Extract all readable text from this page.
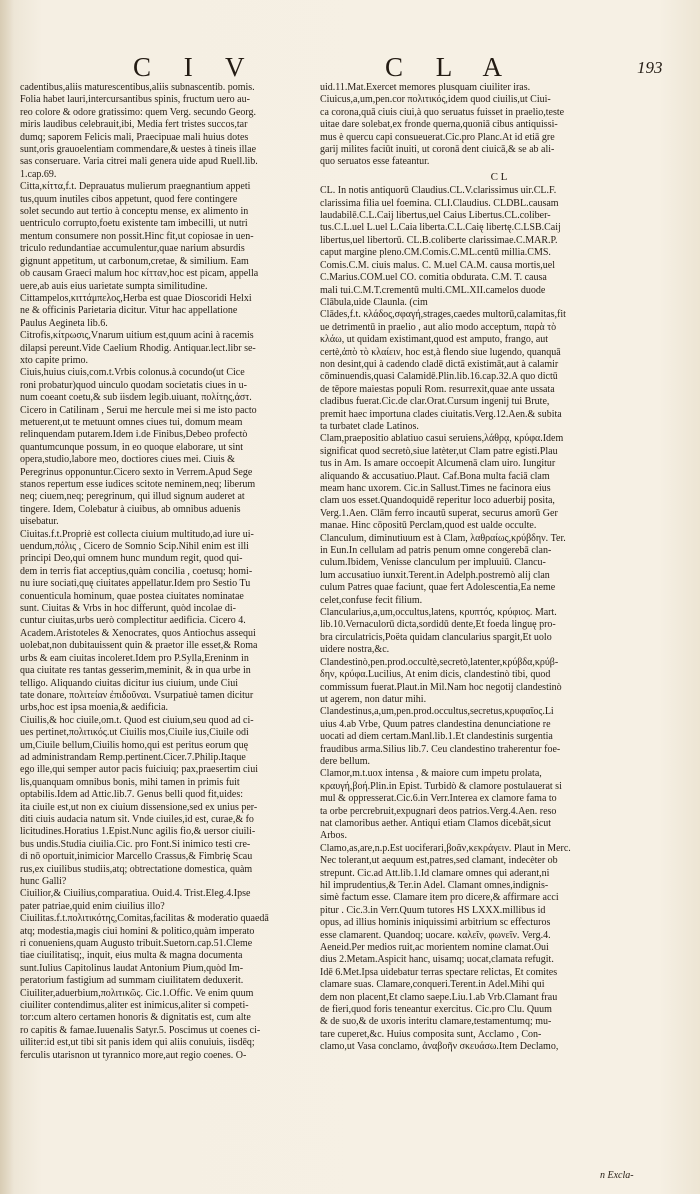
C I V	C L A	193

cadentibus,aliis maturescentibus,aliis subnascentib. pomis.

Folia habet lauri,intercursantibus spinis, fructum uero au-

reo colore & odore gratissimo: quem Verg. secundo Georg.

miris laudibus celebrauit,ibi, Media fert tristes succos,tar

dumq; saporem Felicis mali, Praecipuae mali huius dotes

sunt,oris grauoelentiam commendare,& uestes à tineis illae

sas conseruare. Varia citrei mali genera uide apud Ruell.lib.

1.cap.69.

Citta,κίττα,f.t. Deprauatus mulierum praegnantium appeti

tus,quum inutiles cibos appetunt, quod fere contingere

solet secundo aut tertio à conceptu mense, ex alimento in

uentriculo corrupto,foetu existente tam imbecilli, ut nutri

mentum consumere non possit.Hinc fit,ut copiosae in uen-

triculo redundantiae accumulentur,quae narium absurdis

gignunt appetitum, ut carbonum,cretae, & similium. Eam

ob causam Graeci malum hoc κίτταν,hoc est picam, appella

uere,ab auis eius uarietate sumpta similitudine.

Cittampelos,κιττάμπελος,Herba est quae Dioscoridi Helxi

ne & officinis Parietaria dicitur. Vitur hac appellatione

Paulus Aegineta lib.6.

Citrofis,κίτρωσις,Vnarum uitium est,quum acini à racemis

dilapsi pereunt.Vide Caelium Rhodig. Antiquar.lect.libr se-

xto capite primo.

Ciuis,huius ciuis,com.t.Vrbis colonus.à cocundo(ut Cice

roni probatur)quod uinculo quodam societatis ciues in u-

num coeant coetu,& sub iisdem legib.uiuant, πολίτης,ἀστ.

Cicero in Catilinam , Serui me hercule mei si me isto pacto

metuerent,ut te metuunt omnes ciues tui, domum meam

relinquendam putarem.Idem i.de Finibus,Debeo profectò

quantumcunque possum, in eo quoque elaborare, ut sint

opera,studio,labore meo, doctiores ciues mei. Ciuis &

Peregrinus opponuntur.Cicero sexto in Verrem.Apud Sege

stanos repertum esse iudices scitote neminem,neq; liberum

neq; ciuem,neq; peregrinum, qui illud signum auderet at

tingere. Idem, Colebatur à ciuibus, ab omnibus aduenis

uisebatur.

Ciuitas.f.t.Propriè est collecta ciuium multitudo,ad iure ui-

uendum,πόλις , Cicero de Somnio Scip.Nihil enim est illi

principi Deo,qui omnem hunc mundum regit, quod qui-

dem in terris fiat acceptius,quàm concilia , coetusq; homi-

nu iure sociati,quę ciuitates appellatur.Idem pro Sestio Tu

conuenticula hominum, quae postea ciuitates nominatae

sunt. Ciuitas & Vrbs in hoc differunt, quòd incolae di-

cuntur ciuitas,urbs uerò complectitur aedificia. Cicero 4.

Academ.Aristoteles & Xenocrates, quos Antiochus assequi

uolebat,non dubitauissent quin & praetor ille esset,& Roma

urbs & eam ciuitas incoleret.Idem pro P.Sylla,Ereninm in

qua ciuitate res tantas gesserim,meminit, & in qua urbe in

telligo. Aliquando ciuitas dicitur ius ciuium, unde Ciui

tate donare, πολιτείαν ἐπιδοῦναι. Vsurpatiuè tamen dicitur

urbs,hoc est ipsa moenia,& aedificia.

Ciuilis,& hoc ciuile,om.t. Quod est ciuium,seu quod ad ci-

ues pertinet,πολιτικός.ut Ciuilis mos,Ciuile ius,Ciuile odi

um,Ciuile bellum,Ciuilis homo,qui est peritus eorum quę

ad administrandam Remp.pertinent.Cicer.7.Philip.Itaque

ego ille,qui semper autor pacis fuiciuiq; pax,praesertim ciui

lis,quanquam omnibus bonis, mihi tamen in primis fuit

optabilis.Idem ad Attic.lib.7. Genus belli quod fit,uides:

ita ciuile est,ut non ex ciuium dissensione,sed ex unius per-

diti ciuis audacia natum sit. Vnde ciuiles,id est, curae,& fo

licitudines.Horatius 1.Epist.Nunc agilis fio,& uersor ciuili-

bus undis.Studia ciuilia.Cic. pro Font.Si inimico testi cre-

di nō oportuit,inimicior Marcello Crassus,& Fimbrię Scau

rus,ex ciuilibus studiis,atq; obtrectatione domestica, quàm

hunc Galli?

Ciuilior,& Ciuilius,comparatiua. Ouid.4. Trist.Eleg.4.Ipse

pater patriae,quid enim ciuilius illo?

Ciuilitas.f.t.πολιτικότης,Comitas,facilitas & moderatio quaedā

atq; modestia,magis ciui homini & politico,quàm imperato

ri conueniens,quam Augusto tribuit.Suetorn.cap.51.Cleme

tiae ciuilitatisq;, inquit, eius multa & magna documenta

sunt.Iulius Capitolinus laudat Antonium Pium,quòd Im-

peratorium fastigium ad summam ciuilitatem deduxerit.

Ciuiliter,aduerbium,πολιτικῶς. Cic.1.Offic. Ve enim quum

ciuiliter contendimus,aliter est inimicus,aliter si competi-

tor:cum altero certamen honoris & dignitatis est, cum alte

ro capitis & famae.Iuuenalis Satyr.5. Poscimus ut coenes ci-

uiliter:id est,ut tibi sit panis idem qui aliis conuiuis, iisdēq;

ferculis utarisnon ut tyrannico more,aut regio coenes. O-

uid.11.Mat.Exercet memores plusquam ciuiliter iras.

Ciuicus,a,um,pen.cor πολιτικός,idem quod ciuilis,ut Ciui-

ca corona,quā ciuis ciui,à quo seruatus fuisset in praelio,teste

uitae dare solebat,ex fronde querna,quoniā cibus antiquissi-

mus è quercu capi consueuerat.Cic.pro Planc.At id etiā gre

garij milites faciūt inuiti, ut coronā dent ciuicā,& se ab ali-

quo seruatos esse fateantur.

C L

CL. In notis antiquorū Claudius.CL.V.clarissimus uir.CL.F.

clarissima filia uel foemina. CLI.Claudius. CLDBL.causam

laudabilē.C.L.Caij libertus,uel Caius Libertus.CL.coliber-

tus.C.L.uel L.uel L.Caia liberta.C.L.Caię libertę.C.LSB.Caij

libertus,uel libertorū. CL.B.coliberte clarissimae.C.MAR.P.

caput margine pleno.CM.Comis.C.ML.centū millia.CMS.

Comis.C.M. ciuis malus. C. M.uel CA.M. causa mortis,uel

C.Marius.COM.uel CO. comitia obdurata. C.M. T. causa

mali tui.C.M.T.crementū multi.CML.XII.camelos duode

Clābula,uide Claunla. (cim

Clādes,f.t. κλάδος,σφαγή,strages,caedes multorū,calamitas,fit

ue detrimentū in praelio , aut alio modo acceptum, παρὰ τὸ

κλάω, ut quidam existimant,quod est amputo, frango, aut

certè,ἀπὸ τὸ κλαίειν, hoc est,à flendo siue lugendo, quanquā

non desint,qui à cadendo cladē dictā existimāt,aut à calamir

cōminuendis,quasi Calamidē.Plin.lib.16.cap.32.A quo dictū

de tēpore maiestas populi Rom. resurrexit,quae ante ussata

cladibus fuerat.Cic.de clar.Orat.Cursum ingenij tui Brute,

premit haec importuna clades ciuitatis.Verg.12.Aen.& subita

ta turbatet clade Latinos.

Clam,praepositio ablatiuo casui seruiens,λάθρᾳ, κρύφα.Idem

significat quod secretò,siue latèter,ut Clam patre egisti.Plau

tus in Am. Is amare occoepit Alcumenā clam uiro. Iungitur

aliquando & accusatiuo.Plaut. Caf.Bona multa faciā clam

meam hanc uxorem. Cic.in Sallust.Times ne facinora eius

clam uos esset.Quandoquidē reperitur loco aduerbij posita,

Verg.1.Aen. Clām ferro incautū superat, securus amorū Ger

manae. Hinc cōpositū Perclam,quod est ualde occulte.

Clanculum, diminutiuum est à Clam, λαθραίως,κρύβδην. Ter.

in Eun.In cellulam ad patris penum omne congerebā clan-

culum.Ibidem, Venisse clanculum per impluuiū. Clancu-

lum accusatiuo iunxit.Terent.in Adelph.postremò alij clan

culum Patres quae faciunt, quae fert Adolescentia,Ea neme

celet,confuse fecit filium.

Clancularius,a,um,occultus,latens, κρυπτός, κρύφιος. Mart.

lib.10.Vernaculorū dicta,sordidū dente,Et foeda linguę pro-

bra circulatricis,Poëta quidam clancularius spargit,Et uolo

uidere nostra,&c.

Clandestinò,pen.prod.occultè,secretò,latenter,κρύβδα,κρύβ-

δην, κρύφα.Lucilius, At enim dicis, clandestinò tibi, quod

commissum fuerat.Plaut.in Mil.Nam hoc negotij clandestinò

ut agerem, non datur mihi.

Clandestinus,a,um,pen.prod.occultus,secretus,κρυφαῖος.Li

uius 4.ab Vrbe, Quum patres clandestina denunciatione re

uocati ad diem certam.Manl.lib.1.Et clandestinis surgentia

fraudibus arma.Silius lib.7. Ceu clandestino traherentur foe-

dere bellum.

Clamor,m.t.uox intensa , & maiore cum impetu prolata,

κραυγή,βοή.Plin.in Epist. Turbidò & clamore postulauerat si

mul & oppresserat.Cic.6.in Verr.Interea ex clamore fama to

ta orbe percrebruit,expugnari deos patrios.Verg.4.Aen. reso

nat clamoribus aether. Antiqui etiam Clamos dicebāt,sicut

Arbos.

Clamo,as,are,n.p.Est uociferari,βοᾶν,κεκράγειν. Plaut in Merc.

Nec tolerant,ut aequum est,patres,sed clamant, indecèter ob

strepunt. Cic.ad Att.lib.1.Id clamare omnes qui aderant,ni

hil imprudentius,& Ter.in Adel. Clamant omnes,indignis-

simè factum esse. Clamare item pro dicere,& affirmare acci

pitur . Cic.3.in Verr.Quum tutores HS LXXX.millibus id

opus, ad illius hominis iniquissimi arbitrium sc effecturos

esse clamarent. Quandoq; uocare. καλεῖν, φωνεῖν. Verg.4.

Aeneid.Per medios ruit,ac morientem nomine clamat.Oui

dius 2.Metam.Aspicit hanc, uisamq; uocat,clamata refugit.

Idē 6.Met.Ipsa uidebatur terras spectare relictas, Et comites

clamare suas. Clamare,conqueri.Terent.in Adel.Mihi qui

dem non placent,Et clamo saepe.Liu.1.ab Vrb.Clamant frau

de fieri,quod foris teneantur exercitus. Cic.pro Clu. Quum

& de suo,& de uxoris interitu clamare,testamentumq; mu-

tare cuperet,&c. Huius composita sunt, Acclamo , Con-

clamo,ut Vasa conclamo, ἀναβοῆν σκευάσω.Item Declamo,

n Excla-
